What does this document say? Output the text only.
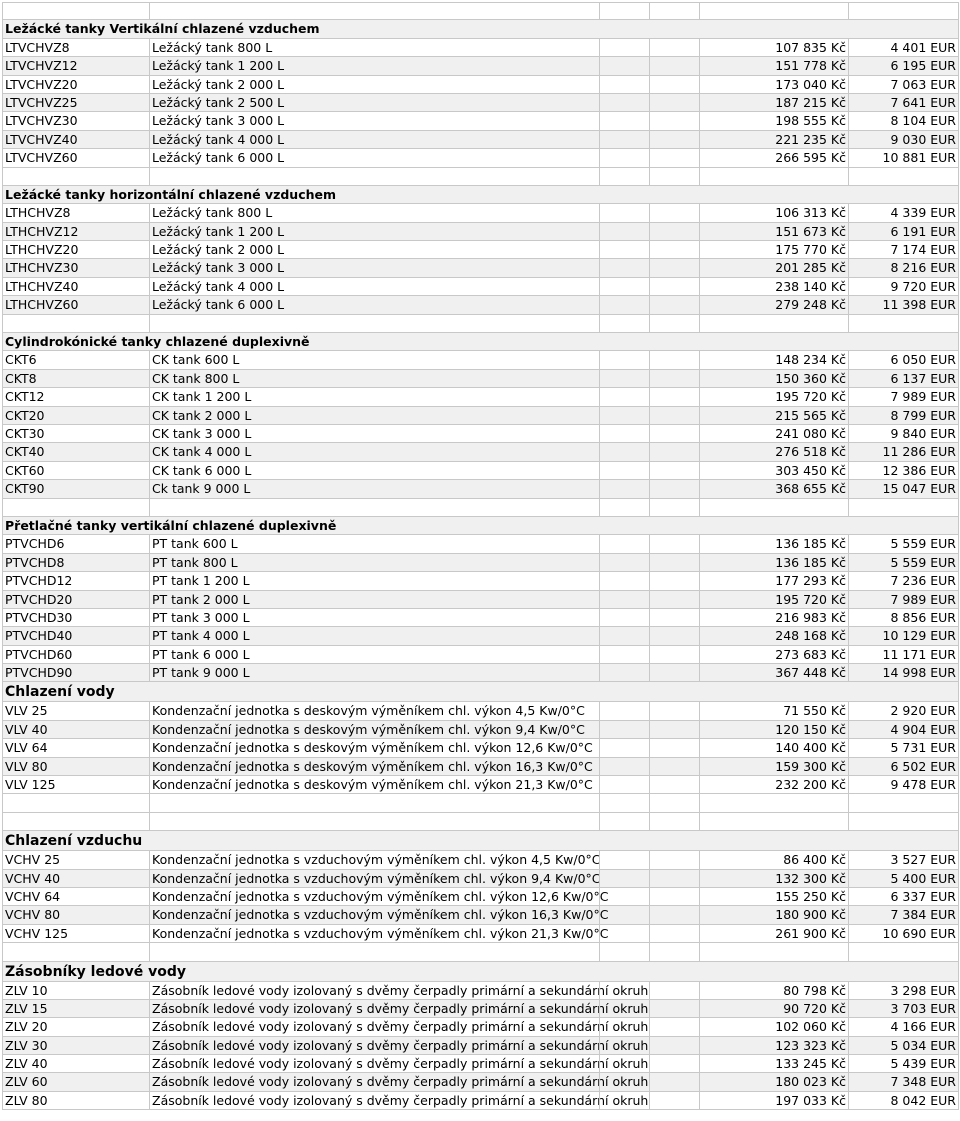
Ležácké tanky Vertikální chlazené vzduchem
LTVCHVZ8	Ležácký tank 800 L	107 835 Kč	4 401 EUR
LTVCHVZ12	Ležácký tank 1 200 L	151 778 Kč	6 195 EUR
LTVCHVZ20	Ležácký tank 2 000 L	173 040 Kč	7 063 EUR
LTVCHVZ25	Ležácký tank 2 500 L	187 215 Kč	7 641 EUR
LTVCHVZ30	Ležácký tank 3 000 L	198 555 Kč	8 104 EUR
LTVCHVZ40	Ležácký tank 4 000 L	221 235 Kč	9 030 EUR
LTVCHVZ60	Ležácký tank 6 000 L	266 595 Kč	10 881 EUR
Ležácké tanky horizontální chlazené vzduchem
LTHCHVZ8	Ležácký tank 800 L	106 313 Kč	4 339 EUR
LTHCHVZ12	Ležácký tank 1 200 L	151 673 Kč	6 191 EUR
LTHCHVZ20	Ležácký tank 2 000 L	175 770 Kč	7 174 EUR
LTHCHVZ30	Ležácký tank 3 000 L	201 285 Kč	8 216 EUR
LTHCHVZ40	Ležácký tank 4 000 L	238 140 Kč	9 720 EUR
LTHCHVZ60	Ležácký tank 6 000 L	279 248 Kč	11 398 EUR
Cylindrokónické tanky chlazené duplexivně
CKT6	CK tank 600 L	148 234 Kč	6 050 EUR
CKT8	CK tank 800 L	150 360 Kč	6 137 EUR
CKT12	CK tank 1 200 L	195 720 Kč	7 989 EUR
CKT20	CK tank 2 000 L	215 565 Kč	8 799 EUR
CKT30	CK tank 3 000 L	241 080 Kč	9 840 EUR
CKT40	CK tank 4 000 L	276 518 Kč	11 286 EUR
CKT60	CK tank 6 000 L	303 450 Kč	12 386 EUR
CKT90	Ck tank 9 000 L	368 655 Kč	15 047 EUR
Přetlačné tanky vertikální chlazené duplexivně
PTVCHD6	PT tank 600 L	136 185 Kč	5 559 EUR
PTVCHD8	PT tank 800 L	136 185 Kč	5 559 EUR
PTVCHD12	PT tank 1 200 L	177 293 Kč	7 236 EUR
PTVCHD20	PT tank 2 000 L	195 720 Kč	7 989 EUR
PTVCHD30	PT tank 3 000 L	216 983 Kč	8 856 EUR
PTVCHD40	PT tank 4 000 L	248 168 Kč	10 129 EUR
PTVCHD60	PT tank 6 000 L	273 683 Kč	11 171 EUR
PTVCHD90	PT tank 9 000 L	367 448 Kč	14 998 EUR
Chlazení vody
VLV 25	Kondenzační jednotka s deskovým výměníkem chl. výkon 4,5 Kw/0°C	71 550 Kč	2 920 EUR
VLV 40	Kondenzační jednotka s deskovým výměníkem chl. výkon 9,4 Kw/0°C	120 150 Kč	4 904 EUR
VLV 64	Kondenzační jednotka s deskovým výměníkem chl. výkon 12,6 Kw/0°C	140 400 Kč	5 731 EUR
VLV 80	Kondenzační jednotka s deskovým výměníkem chl. výkon 16,3 Kw/0°C	159 300 Kč	6 502 EUR
VLV 125	Kondenzační jednotka s deskovým výměníkem chl. výkon 21,3 Kw/0°C	232 200 Kč	9 478 EUR
Chlazení vzduchu
VCHV 25	Kondenzační jednotka s vzduchovým výměníkem chl. výkon 4,5 Kw/0°C	86 400 Kč	3 527 EUR
VCHV 40	Kondenzační jednotka s vzduchovým výměníkem chl. výkon 9,4 Kw/0°C	132 300 Kč	5 400 EUR
VCHV 64	Kondenzační jednotka s vzduchovým výměníkem chl. výkon 12,6 Kw/0°C	155 250 Kč	6 337 EUR
VCHV 80	Kondenzační jednotka s vzduchovým výměníkem chl. výkon 16,3 Kw/0°C	180 900 Kč	7 384 EUR
VCHV 125	Kondenzační jednotka s vzduchovým výměníkem chl. výkon 21,3 Kw/0°C	261 900 Kč	10 690 EUR
Zásobníky ledové vody
ZLV 10	Zásobník ledové vody izolovaný s dvěmy čerpadly primární a sekundární okruh	80 798 Kč	3 298 EUR
ZLV 15	Zásobník ledové vody izolovaný s dvěmy čerpadly primární a sekundární okruh	90 720 Kč	3 703 EUR
ZLV 20	Zásobník ledové vody izolovaný s dvěmy čerpadly primární a sekundární okruh	102 060 Kč	4 166 EUR
ZLV 30	Zásobník ledové vody izolovaný s dvěmy čerpadly primární a sekundární okruh	123 323 Kč	5 034 EUR
ZLV 40	Zásobník ledové vody izolovaný s dvěmy čerpadly primární a sekundární okruh	133 245 Kč	5 439 EUR
ZLV 60	Zásobník ledové vody izolovaný s dvěmy čerpadly primární a sekundární okruh	180 023 Kč	7 348 EUR
ZLV 80	Zásobník ledové vody izolovaný s dvěmy čerpadly primární a sekundární okruh	197 033 Kč	8 042 EUR
